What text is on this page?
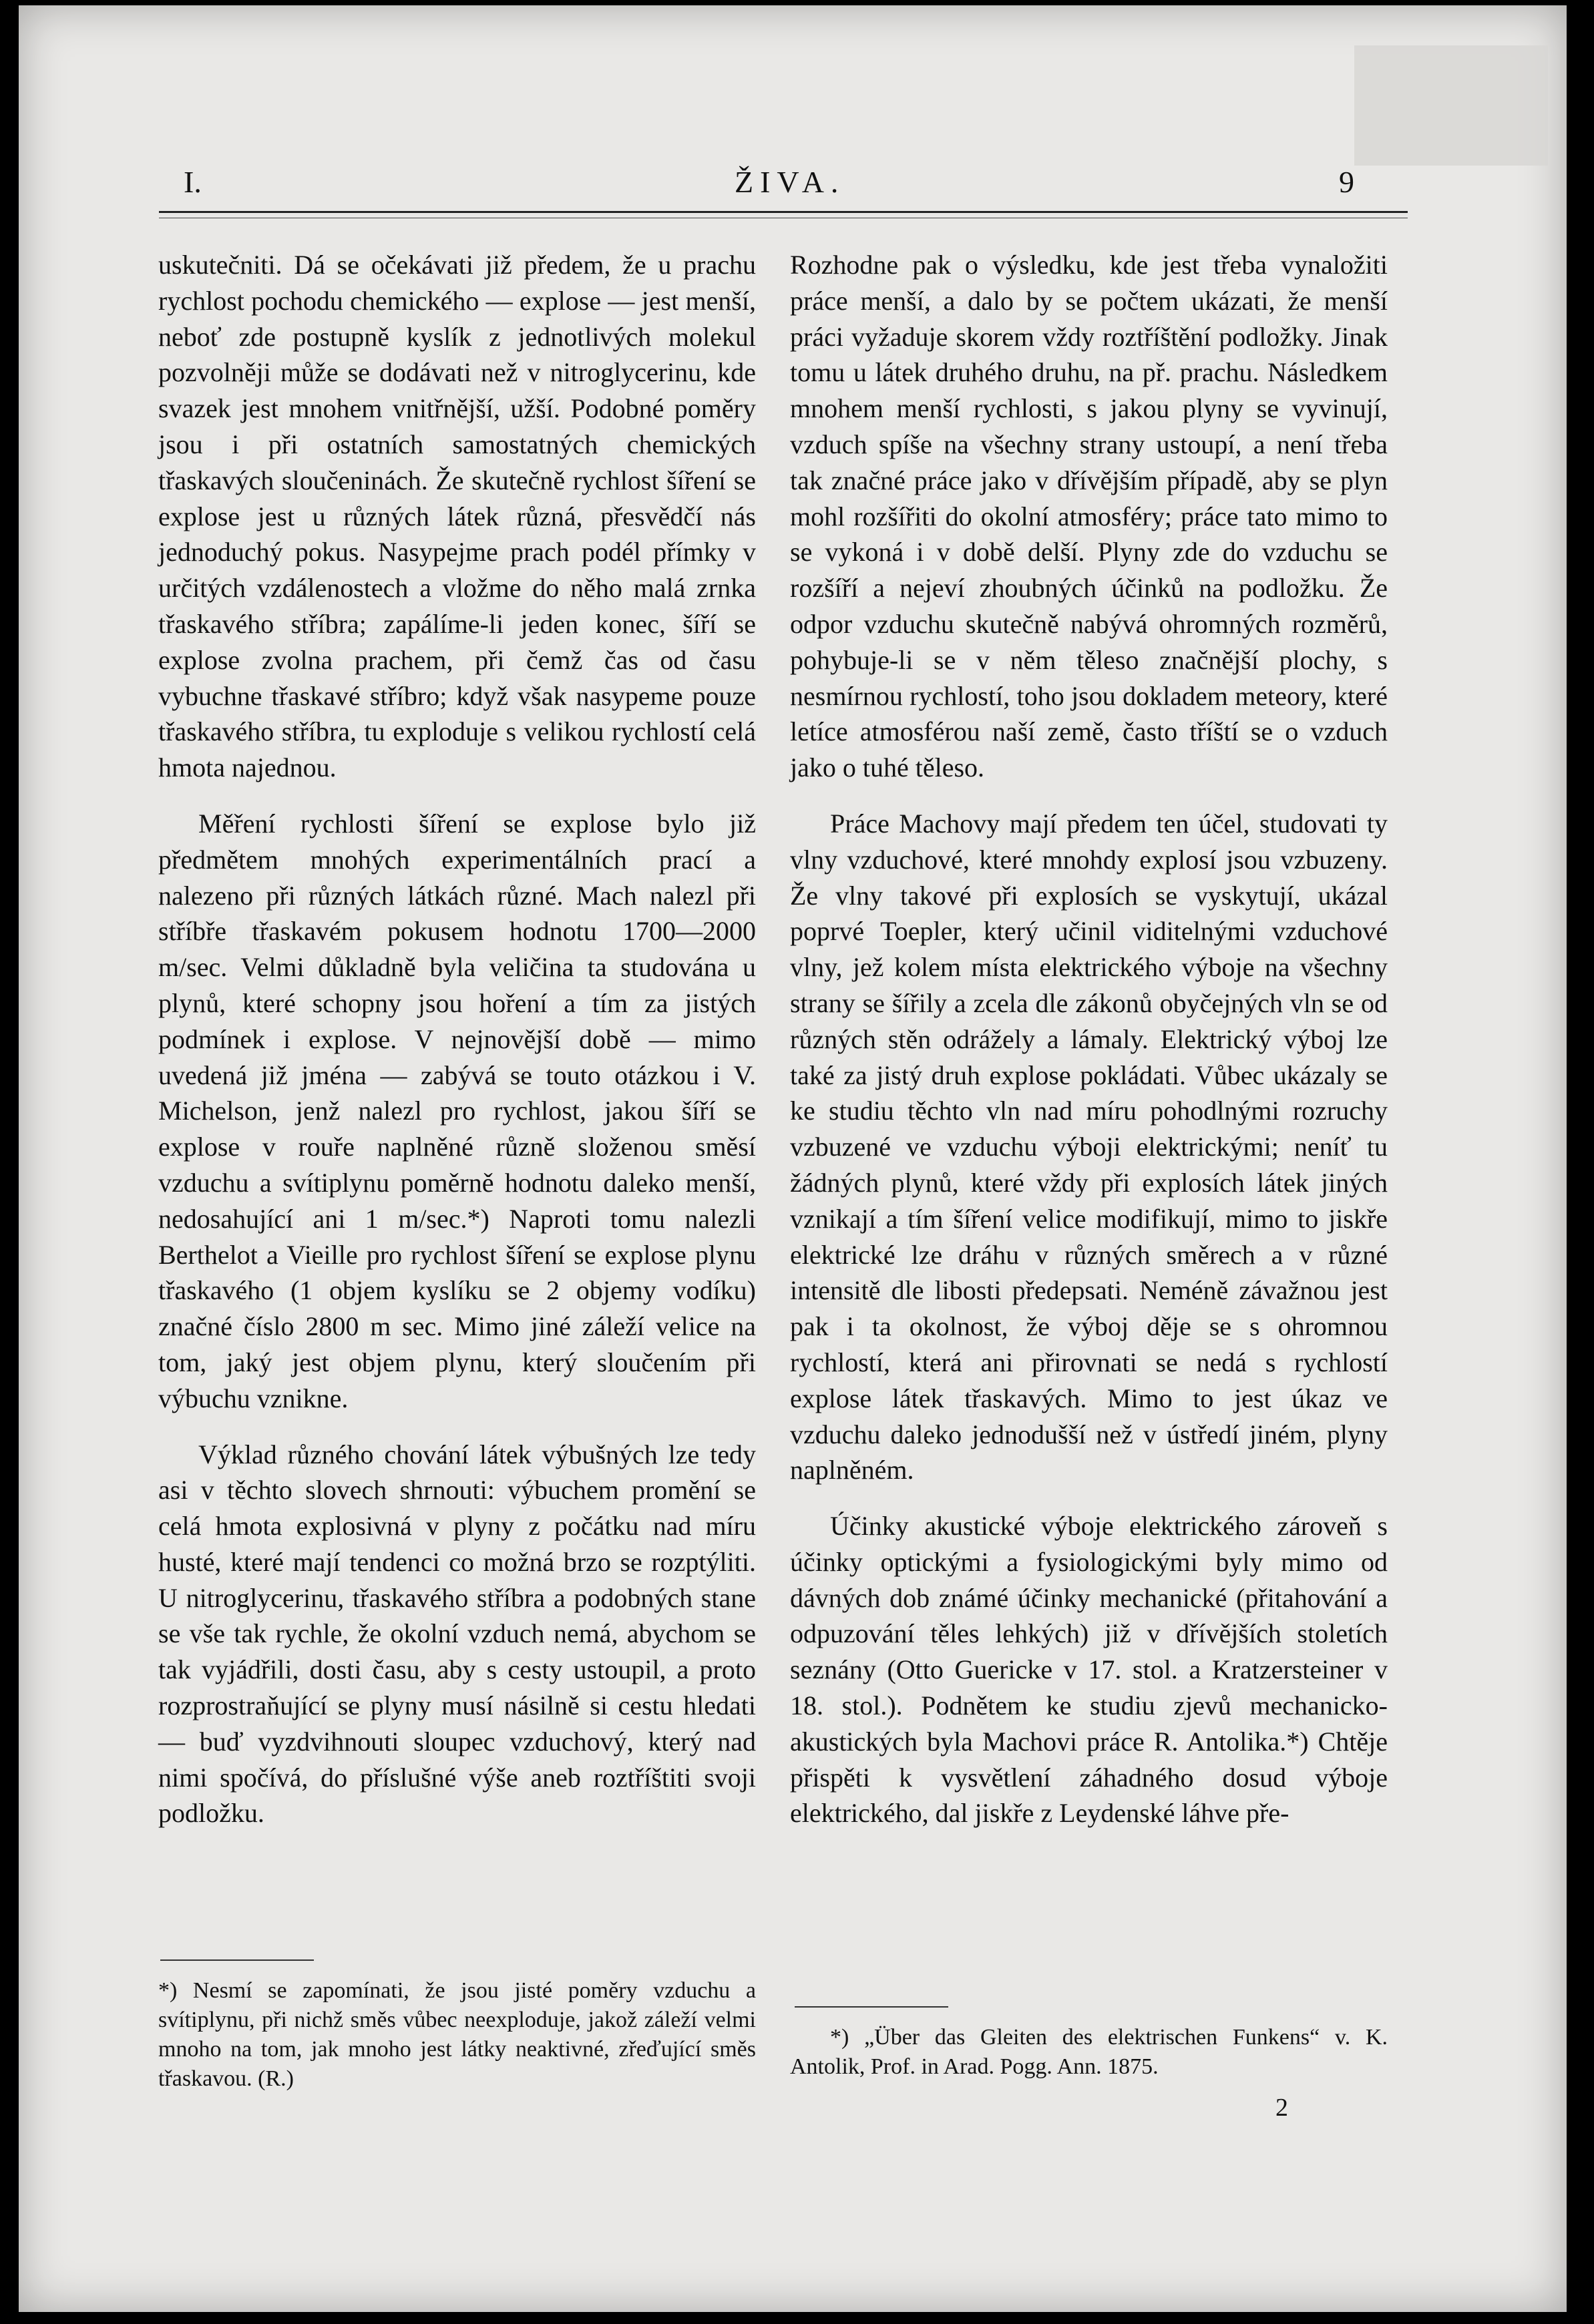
I.	ŽIVA.	9

uskutečniti. Dá se očekávati již předem, že u prachu rychlost pochodu chemického — explose — jest menší, neboť zde postupně kyslík z jednotlivých molekul pozvolněji může se dodávati než v nitroglycerinu, kde svazek jest mnohem vnitřnější, užší. Podobné poměry jsou i při ostatních samostatných chemických třaskavých sloučeninách. Že skutečně rychlost šíření se explose jest u různých látek různá, přesvědčí nás jednoduchý pokus. Nasypejme prach podél přímky v určitých vzdálenostech a vložme do něho malá zrnka třaskavého stříbra; zapálíme-li jeden konec, šíří se explose zvolna prachem, při čemž čas od času vybuchne třaskavé stříbro; když však nasypeme pouze třaskavého stříbra, tu exploduje s velikou rychlostí celá hmota najednou.

Měření rychlosti šíření se explose bylo již předmětem mnohých experimentálních prací a nalezeno při různých látkách různé. Mach nalezl při stříbře třaskavém pokusem hodnotu 1700—2000 m/sec. Velmi důkladně byla veličina ta studována u plynů, které schopny jsou hoření a tím za jistých podmínek i explose. V nejnovější době — mimo uvedená již jména — zabývá se touto otázkou i V. Michelson, jenž nalezl pro rychlost, jakou šíří se explose v rouře naplněné různě složenou směsí vzduchu a svítiplynu poměrně hodnotu daleko menší, nedosahující ani 1 m/sec.*) Naproti tomu nalezli Berthelot a Vieille pro rychlost šíření se explose plynu třaskavého (1 objem kyslíku se 2 objemy vodíku) značné číslo 2800 m sec. Mimo jiné záleží velice na tom, jaký jest objem plynu, který sloučením při výbuchu vznikne.

Výklad různého chování látek výbušných lze tedy asi v těchto slovech shrnouti: výbuchem promění se celá hmota explosivná v plyny z počátku nad míru husté, které mají tendenci co možná brzo se rozptýliti. U nitroglycerinu, třaskavého stříbra a podobných stane se vše tak rychle, že okolní vzduch nemá, abychom se tak vyjádřili, dosti času, aby s cesty ustoupil, a proto rozprostraňující se plyny musí násilně si cestu hledati — buď vyzdvihnouti sloupec vzduchový, který nad nimi spočívá, do příslušné výše aneb roztříštiti svoji podložku.

*) Nesmí se zapomínati, že jsou jisté poměry vzduchu a svítiplynu, při nichž směs vůbec neexploduje, jakož záleží velmi mnoho na tom, jak mnoho jest látky neaktivné, zřeďující směs třaskavou. (R.)

Rozhodne pak o výsledku, kde jest třeba vynaložiti práce menší, a dalo by se počtem ukázati, že menší práci vyžaduje skorem vždy roztříštění podložky. Jinak tomu u látek druhého druhu, na př. prachu. Následkem mnohem menší rychlosti, s jakou plyny se vyvinují, vzduch spíše na všechny strany ustoupí, a není třeba tak značné práce jako v dřívějším případě, aby se plyn mohl rozšířiti do okolní atmosféry; práce tato mimo to se vykoná i v době delší. Plyny zde do vzduchu se rozšíří a nejeví zhoubných účinků na podložku. Že odpor vzduchu skutečně nabývá ohromných rozměrů, pohybuje-li se v něm těleso značnější plochy, s nesmírnou rychlostí, toho jsou dokladem meteory, které letíce atmosférou naší země, často tříští se o vzduch jako o tuhé těleso.

Práce Machovy mají předem ten účel, studovati ty vlny vzduchové, které mnohdy explosí jsou vzbuzeny. Že vlny takové při explosích se vyskytují, ukázal poprvé Toepler, který učinil viditelnými vzduchové vlny, jež kolem místa elektrického výboje na všechny strany se šířily a zcela dle zákonů obyčejných vln se od různých stěn odrážely a lámaly. Elektrický výboj lze také za jistý druh explose pokládati. Vůbec ukázaly se ke studiu těchto vln nad míru pohodlnými rozruchy vzbuzené ve vzduchu výboji elektrickými; neníť tu žádných plynů, které vždy při explosích látek jiných vznikají a tím šíření velice modifikují, mimo to jiskře elektrické lze dráhu v různých směrech a v různé intensitě dle libosti předepsati. Neméně závažnou jest pak i ta okolnost, že výboj děje se s ohromnou rychlostí, která ani přirovnati se nedá s rychlostí explose látek třaskavých. Mimo to jest úkaz ve vzduchu daleko jednodušší než v ústředí jiném, plyny naplněném.

Účinky akustické výboje elektrického zároveň s účinky optickými a fysiologickými byly mimo od dávných dob známé účinky mechanické (přitahování a odpuzování těles lehkých) již v dřívějších stoletích seznány (Otto Guericke v 17. stol. a Kratzersteiner v 18. stol.). Podnětem ke studiu zjevů mechanicko-akustických byla Machovi práce R. Antolika.*) Chtěje přispěti k vysvětlení záhadného dosud výboje elektrického, dal jiskře z Leydenské láhve pře-

*) „Über das Gleiten des elektrischen Funkens“ v. K. Antolik, Prof. in Arad. Pogg. Ann. 1875.
2
